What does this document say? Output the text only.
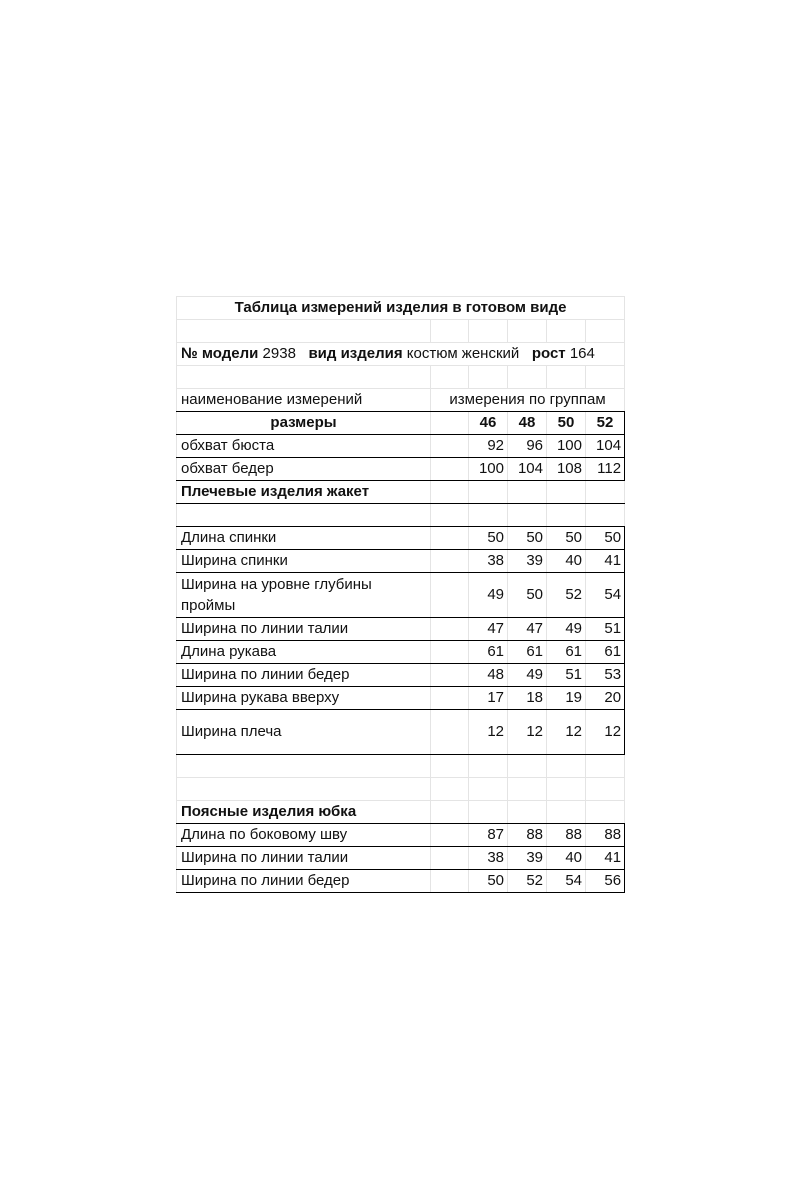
Таблица измерений изделия в готовом виде					

№ модели 2938 вид изделия костюм женский рост 164					

наименование измерений	измерения по группам				
размеры		46	48	50	52
обхват бюста		92	96	100	104
обхват бедер		100	104	108	112
Плечевые изделия жакет					

Длина спинки		50	50	50	50
Ширина спинки		38	39	40	41
Ширина на уровне глубины проймы		49	50	52	54
Ширина по линии талии		47	47	49	51
Длина рукава		61	61	61	61
Ширина по линии бедер		48	49	51	53
Ширина рукава вверху		17	18	19	20
Ширина плеча		12	12	12	12

Поясные изделия юбка					
Длина по боковому шву		87	88	88	88
Ширина по линии талии		38	39	40	41
Ширина по линии бедер		50	52	54	56
